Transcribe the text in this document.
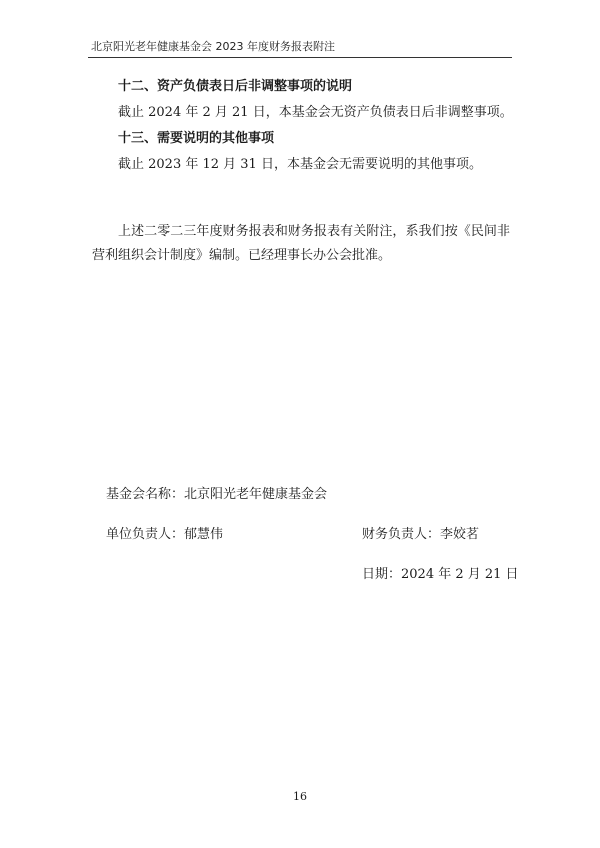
北京阳光老年健康基金会 2023 年度财务报表附注
十二、资产负债表日后非调整事项的说明
截止 2024 年 2 月 21 日，本基金会无资产负债表日后非调整事项。
十三、需要说明的其他事项
截止 2023 年 12 月 31 日，本基金会无需要说明的其他事项。
上述二零二三年度财务报表和财务报表有关附注，系我们按《民间非营利组织会计制度》编制。已经理事长办公会批准。
基金会名称：北京阳光老年健康基金会
单位负责人：郁慧伟	财务负责人：李姣茗
日期：2024 年 2 月 21 日
16
